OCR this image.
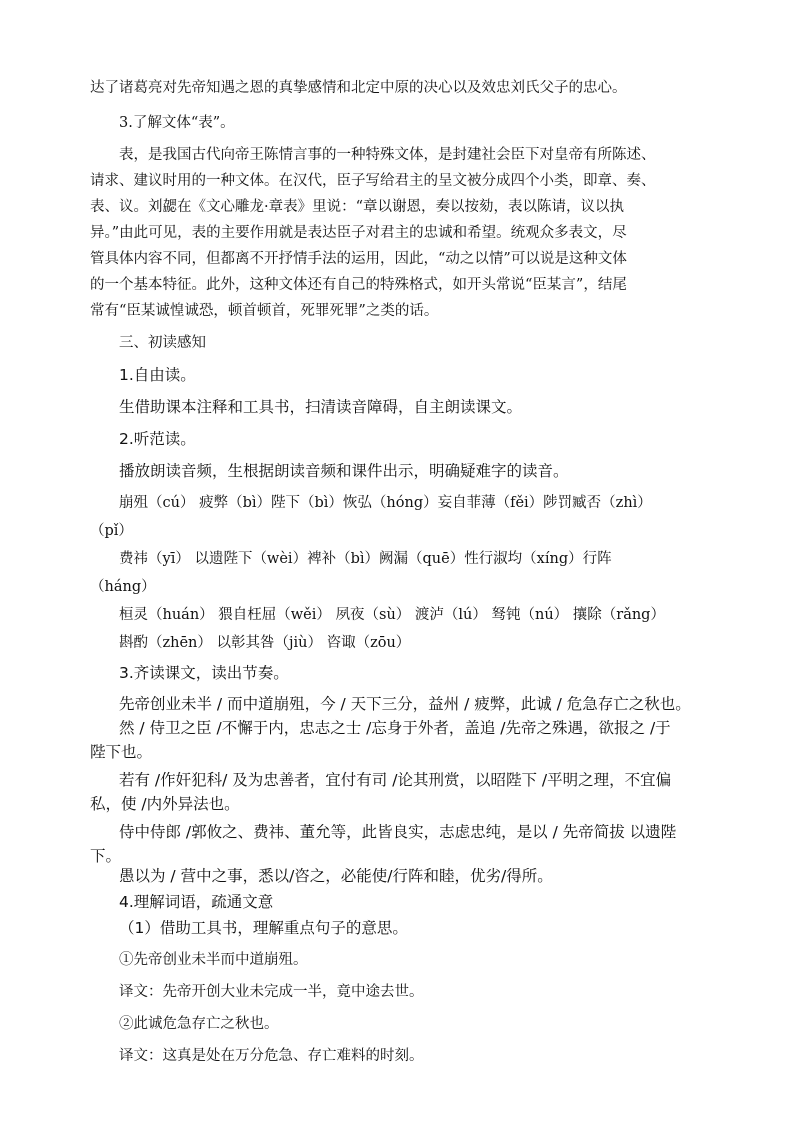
达了诸葛亮对先帝知遇之恩的真挚感情和北定中原的决心以及效忠刘氏父子的忠心。
3.了解文体“表”。
表，是我国古代向帝王陈情言事的一种特殊文体，是封建社会臣下对皇帝有所陈述、
请求、建议时用的一种文体。在汉代，臣子写给君主的呈文被分成四个小类，即章、奏、
表、议。刘勰在《文心雕龙·章表》里说：“章以谢恩，奏以按劾，表以陈请，议以执
异。”由此可见，表的主要作用就是表达臣子对君主的忠诚和希望。统观众多表文，尽
管具体内容不同，但都离不开抒情手法的运用，因此，“动之以情”可以说是这种文体
的一个基本特征。此外，这种文体还有自己的特殊格式，如开头常说“臣某言”，结尾
常有“臣某诚惶诚恐，顿首顿首，死罪死罪”之类的话。
三、初读感知
1.自由读。
生借助课本注释和工具书，扫清读音障碍，自主朗读课文。
2.听范读。
播放朗读音频，生根据朗读音频和课件出示，明确疑难字的读音。
崩殂（cú） 疲弊（bì）陛下（bì）恢弘（hóng）妄自菲薄（fěi）陟罚臧否（zhì）
（pǐ）
费祎（yī） 以遗陛下（wèi）裨补（bì）阙漏（quē）性行淑均（xíng）行阵
（háng）
桓灵（huán） 猥自枉屈（wěi） 夙夜（sù） 渡泸（lú） 驽钝（nú） 攘除（rǎng）
斟酌（zhēn） 以彰其咎（jiù） 咨诹（zōu）
3.齐读课文，读出节奏。
先帝创业未半 / 而中道崩殂，今 / 天下三分，益州 / 疲弊，此诚 / 危急存亡之秋也。
然 / 侍卫之臣 /不懈于内，忠志之士 /忘身于外者，盖追 /先帝之殊遇，欲报之 /于
陛下也。
若有 /作奸犯科/ 及为忠善者，宜付有司 /论其刑赏，以昭陛下 /平明之理，不宜偏
私，使 /内外异法也。
侍中侍郎 /郭攸之、费祎、董允等，此皆良实，志虑忠纯，是以 / 先帝简拔 以遗陛
下。
愚以为 / 营中之事，悉以/咨之，必能使/行阵和睦，优劣/得所。
4.理解词语，疏通文意
（1）借助工具书，理解重点句子的意思。
①先帝创业未半而中道崩殂。
译文：先帝开创大业未完成一半，竟中途去世。
②此诚危急存亡之秋也。
译文：这真是处在万分危急、存亡难料的时刻。
